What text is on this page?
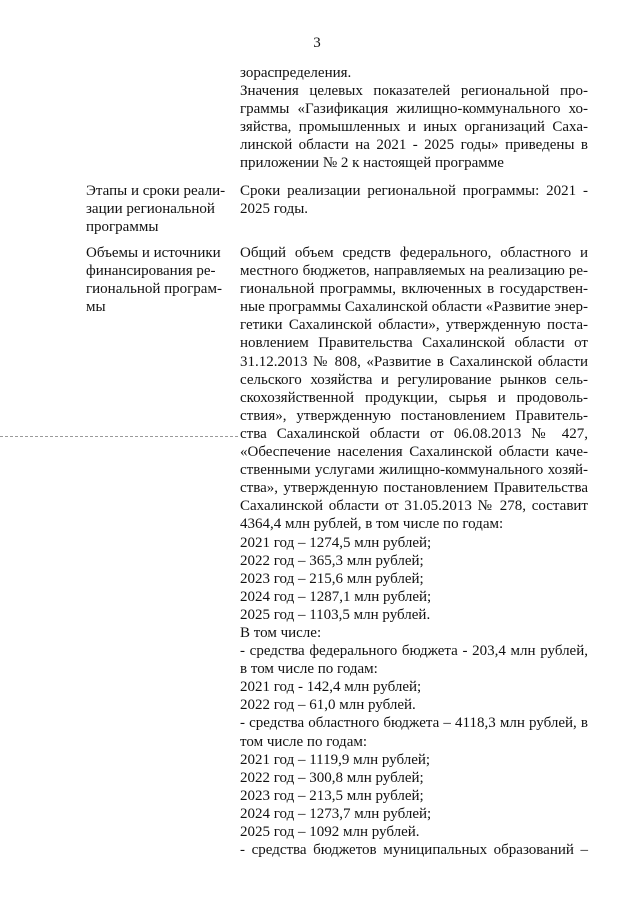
3
зораспределения.
Значения целевых показателей региональной про-
граммы «Газификация жилищно-коммунального хо-
зяйства, промышленных и иных организаций Саха-
линской области на 2021 - 2025 годы» приведены в
приложении № 2 к настоящей программе
Этапы и сроки реали-
зации региональной
программы
Сроки реализации региональной программы: 2021 -
2025 годы.
Объемы и источники
финансирования ре-
гиональной програм-
мы
Общий объем средств федерального, областного и
местного бюджетов, направляемых на реализацию ре-
гиональной программы, включенных в государствен-
ные программы Сахалинской области «Развитие энер-
гетики Сахалинской области», утвержденную поста-
новлением Правительства Сахалинской области от
31.12.2013 № 808, «Развитие в Сахалинской области
сельского хозяйства и регулирование рынков сель-
скохозяйственной продукции, сырья и продоволь-
ствия», утвержденную постановлением Правитель-
ства Сахалинской области от 06.08.2013 № 427,
«Обеспечение населения Сахалинской области каче-
ственными услугами жилищно-коммунального хозяй-
ства», утвержденную постановлением Правительства
Сахалинской области от 31.05.2013 № 278, составит
4364,4 млн рублей, в том числе по годам:
2021 год – 1274,5 млн рублей;
2022 год – 365,3 млн рублей;
2023 год – 215,6 млн рублей;
2024 год – 1287,1 млн рублей;
2025 год – 1103,5 млн рублей.
В том числе:
- средства федерального бюджета - 203,4 млн рублей,
в том числе по годам:
2021 год - 142,4 млн рублей;
2022 год – 61,0 млн рублей.
- средства областного бюджета – 4118,3 млн рублей, в
том числе по годам:
2021 год – 1119,9 млн рублей;
2022 год – 300,8 млн рублей;
2023 год – 213,5 млн рублей;
2024 год – 1273,7 млн рублей;
2025 год – 1092 млн рублей.
- средства бюджетов муниципальных образований –
